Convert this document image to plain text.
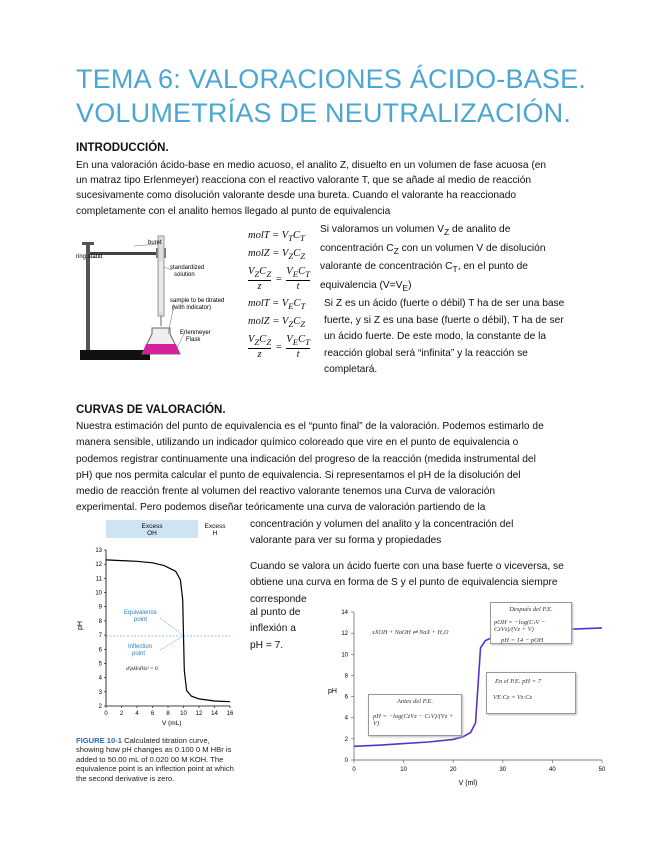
TEMA 6: VALORACIONES ÁCIDO-BASE.
VOLUMETRÍAS DE NEUTRALIZACIÓN.
INTRODUCCIÓN.
En una valoración ácido-base en medio acuoso, el analito Z, disuelto en un volumen de fase acuosa (en
un matraz tipo Erlenmeyer) reacciona con el reactivo valorante T, que se añade al medio de reacción
sucesivamente como disolución valorante desde una bureta. Cuando el valorante ha reaccionado
completamente con el analito hemos llegado al punto de equivalencia
buret
standardized
solution
ring stand
sample to be titrated
(with indicator)
Erlenmeyer
Flask
molT = $V_TC_T$
molZ = $V_ZC_Z$
$V_ZC_Z$
z
=
$V_EC_T$
t
molT = $V_EC_T$
molZ = $V_ZC_Z$
$V_ZC_Z$
z
=
$V_EC_T$
t
Si valoramos un volumen $V_Z$ de analito de
concentración $C_Z$ con un volumen V de disolución
valorante de concentración $C_T$, en el punto de
equivalencia $(V=V_E)$
Si Z es un ácido (fuerte o débil) T ha de ser una base
fuerte, y si Z es una base (fuerte o débil), T ha de ser
un ácido fuerte. De este modo, la constante de la
reacción global será “infinita” y la reacción se
completará.
CURVAS DE VALORACIÓN.
Nuestra estimación del punto de equivalencia es el “punto final” de la valoración. Podemos estimarlo de
manera sensible, utilizando un indicador químico coloreado que vire en el punto de equivalencia o
podemos registrar continuamente una indicación del progreso de la reacción (medida instrumental del
pH) que nos permita calcular el punto de equivalencia. Si representamos el pH de la disolución del
medio de reacción frente al volumen del reactivo valorante tenemos una Curva de valoración
experimental. Pero podemos diseñar teóricamente una curva de valoración partiendo de la
concentración y volumen del analito y la concentración del
valorante para ver su forma y propiedades
Cuando se valora un ácido fuerte con una base fuerte o viceversa, se
obtiene una curva en forma de S y el punto de equivalencia siempre
corresponde
al punto de
inflexión a
pH = 7.
Excess
OH
Excess
H
2
3
4
5
6
7
8
9
10
11
12
13
0 2 4 6 8 10 12 14 16
pH
V (mL)
Equivalence
point
Inflection
point
d²pH/dVa² = 0
FIGURE 10-1 Calculated titration curve,
showing how pH changes as 0.100 0 M HBr is
added to 50.00 mL of 0.020 00 M KOH. The
equivalence point is an inflection point at which
the second derivative is zero.
0
2
4
6
8
10
12
14
0	10	20	30	40	50
V (ml)
pH
xXOH + NaOH ⇌ NaX + H₂O
Después del P.E.
pOH = −log(CₜV − CzVz)/(Vz + V)
pH = 14 − pOH
En el P.E. pH = 7
VE·Cz = Vz·Cz
Antes del P.E.
pH = −log(CzVz − CₜV)/(Vz + V)
